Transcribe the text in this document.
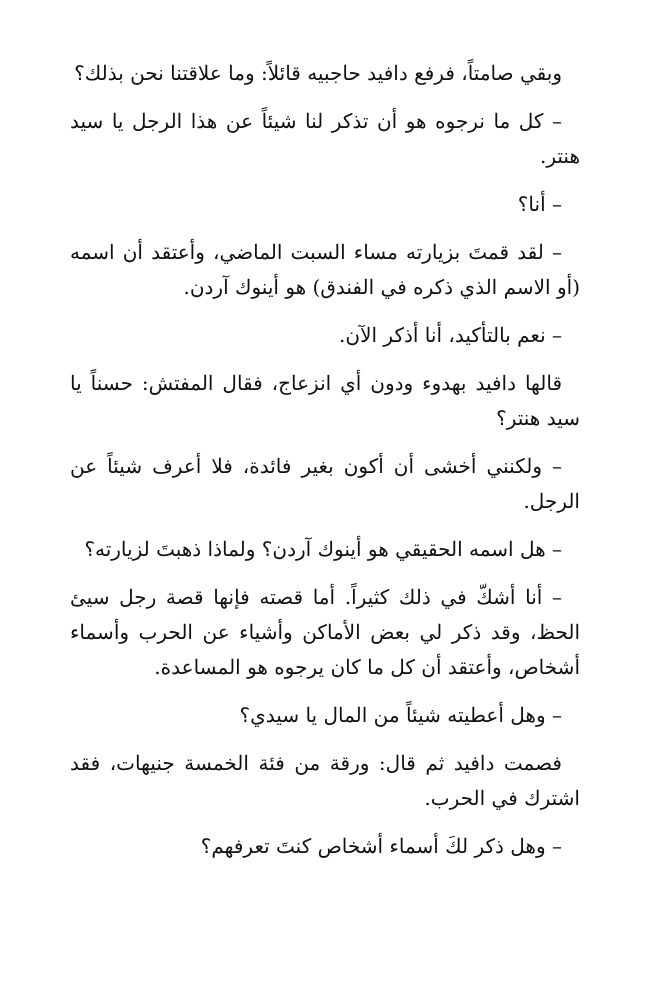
وبقي صامتاً، فرفع دافيد حاجبيه قائلاً: وما علاقتنا نحن بذلك؟

– كل ما نرجوه هو أن تذكر لنا شيئاً عن هذا الرجل يا سيد هنتر.

– أنا؟

– لقد قمتَ بزيارته مساء السبت الماضي، وأعتقد أن اسمه (أو الاسم الذي ذكره في الفندق) هو أينوك آردن.

– نعم بالتأكيد، أنا أذكر الآن.

قالها دافيد بهدوء ودون أي انزعاج، فقال المفتش: حسناً يا سيد هنتر؟

– ولكنني أخشى أن أكون بغير فائدة، فلا أعرف شيئاً عن الرجل.

– هل اسمه الحقيقي هو أينوك آردن؟ ولماذا ذهبتَ لزيارته؟

– أنا أشكّ في ذلك كثيراً. أما قصته فإنها قصة رجل سيئ الحظ، وقد ذكر لي بعض الأماكن وأشياء عن الحرب وأسماء أشخاص، وأعتقد أن كل ما كان يرجوه هو المساعدة.

– وهل أعطيته شيئاً من المال يا سيدي؟

فصمت دافيد ثم قال: ورقة من فئة الخمسة جنيهات، فقد اشترك في الحرب.

– وهل ذكر لكَ أسماء أشخاص كنتَ تعرفهم؟
